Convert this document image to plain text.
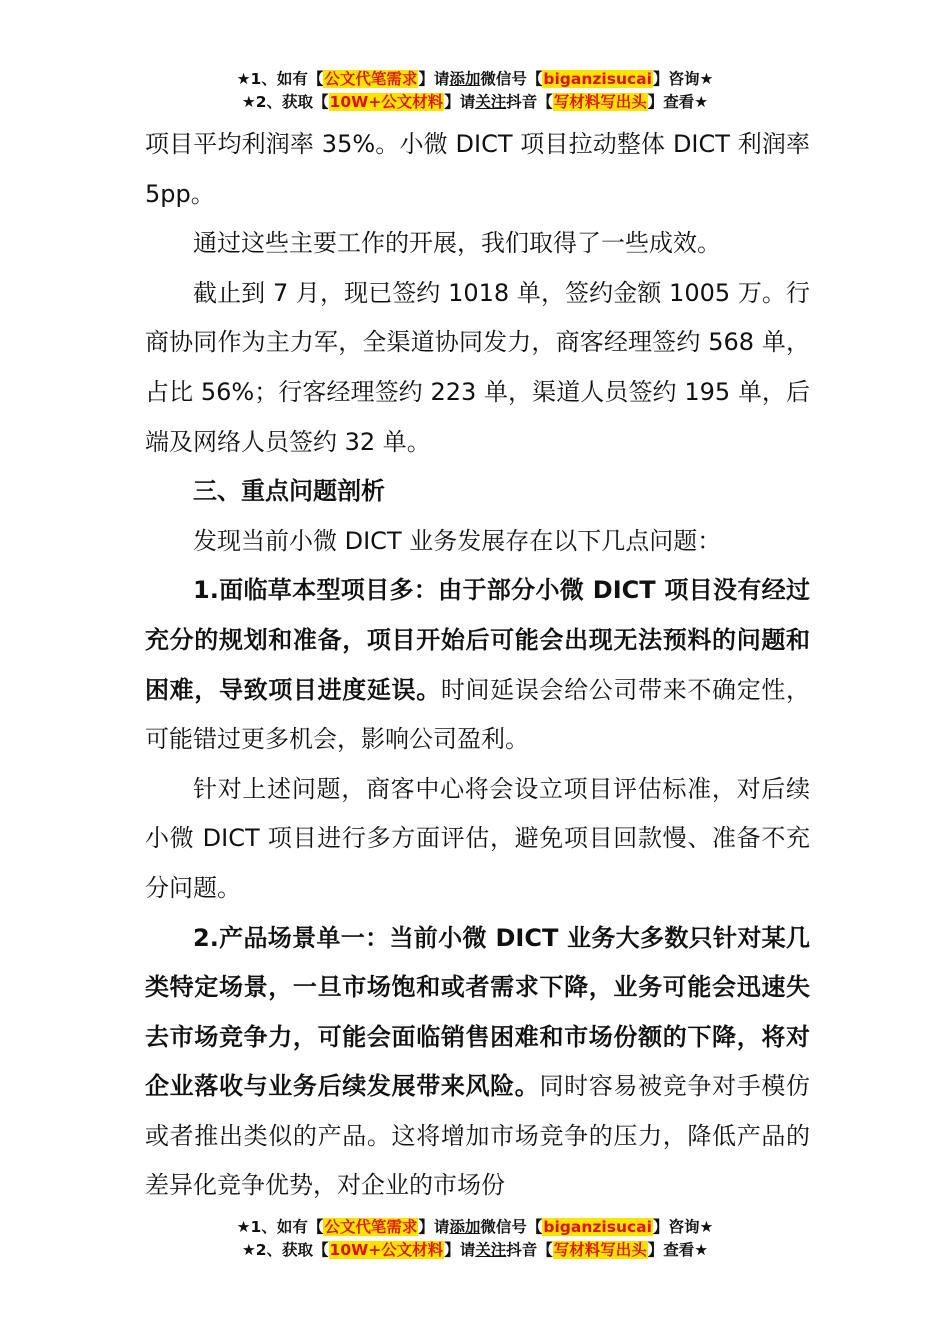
★1、如有【公文代笔需求】请添加微信号【biganzisucai】咨询★
★2、获取【10W+公文材料】请关注抖音【写材料写出头】查看★

项目平均利润率 35%。小微 DICT 项目拉动整体 DICT 利润率 5pp。

通过这些主要工作的开展，我们取得了一些成效。

截止到 7 月，现已签约 1018 单，签约金额 1005 万。行商协同作为主力军，全渠道协同发力，商客经理签约 568 单，占比 56%；行客经理签约 223 单，渠道人员签约 195 单，后端及网络人员签约 32 单。

三、重点问题剖析

发现当前小微 DICT 业务发展存在以下几点问题：

1.面临草本型项目多：由于部分小微 DICT 项目没有经过充分的规划和准备，项目开始后可能会出现无法预料的问题和困难，导致项目进度延误。时间延误会给公司带来不确定性，可能错过更多机会，影响公司盈利。

针对上述问题，商客中心将会设立项目评估标准，对后续小微 DICT 项目进行多方面评估，避免项目回款慢、准备不充分问题。

2.产品场景单一：当前小微 DICT 业务大多数只针对某几类特定场景，一旦市场饱和或者需求下降，业务可能会迅速失去市场竞争力，可能会面临销售困难和市场份额的下降，将对企业落收与业务后续发展带来风险。同时容易被竞争对手模仿或者推出类似的产品。这将增加市场竞争的压力，降低产品的差异化竞争优势，对企业的市场份

★1、如有【公文代笔需求】请添加微信号【biganzisucai】咨询★
★2、获取【10W+公文材料】请关注抖音【写材料写出头】查看★
